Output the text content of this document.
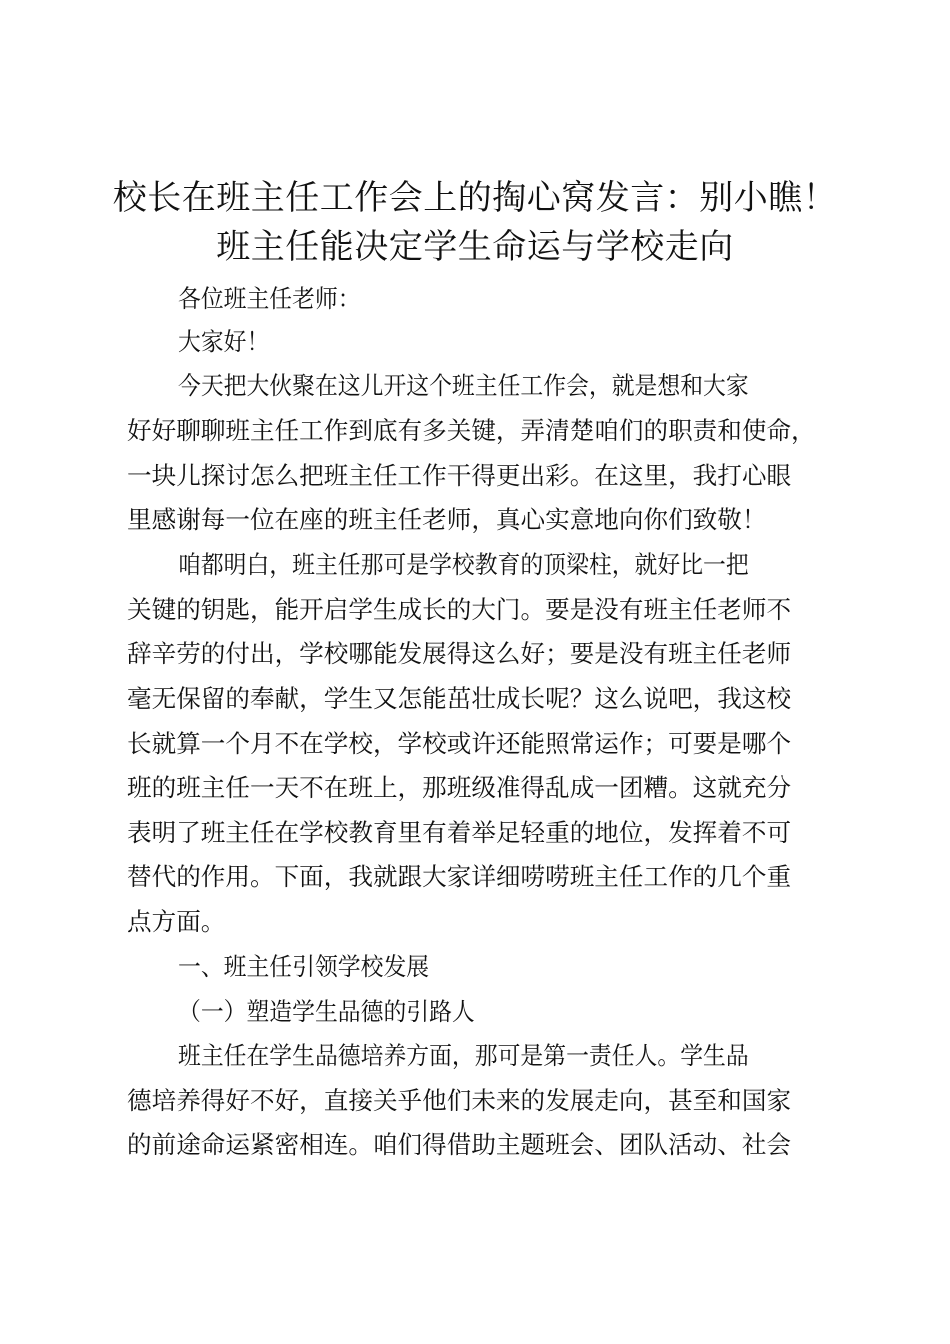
校长在班主任工作会上的掏心窝发言：别小瞧！
班主任能决定学生命运与学校走向
各位班主任老师：
大家好！
今天把大伙聚在这儿开这个班主任工作会，就是想和大家
好好聊聊班主任工作到底有多关键，弄清楚咱们的职责和使命，
一块儿探讨怎么把班主任工作干得更出彩。在这里，我打心眼
里感谢每一位在座的班主任老师，真心实意地向你们致敬！
咱都明白，班主任那可是学校教育的顶梁柱，就好比一把
关键的钥匙，能开启学生成长的大门。要是没有班主任老师不
辞辛劳的付出，学校哪能发展得这么好；要是没有班主任老师
毫无保留的奉献，学生又怎能茁壮成长呢？这么说吧，我这校
长就算一个月不在学校，学校或许还能照常运作；可要是哪个
班的班主任一天不在班上，那班级准得乱成一团糟。这就充分
表明了班主任在学校教育里有着举足轻重的地位，发挥着不可
替代的作用。下面，我就跟大家详细唠唠班主任工作的几个重
点方面。
一、班主任引领学校发展
（一）塑造学生品德的引路人
班主任在学生品德培养方面，那可是第一责任人。学生品
德培养得好不好，直接关乎他们未来的发展走向，甚至和国家
的前途命运紧密相连。咱们得借助主题班会、团队活动、社会
